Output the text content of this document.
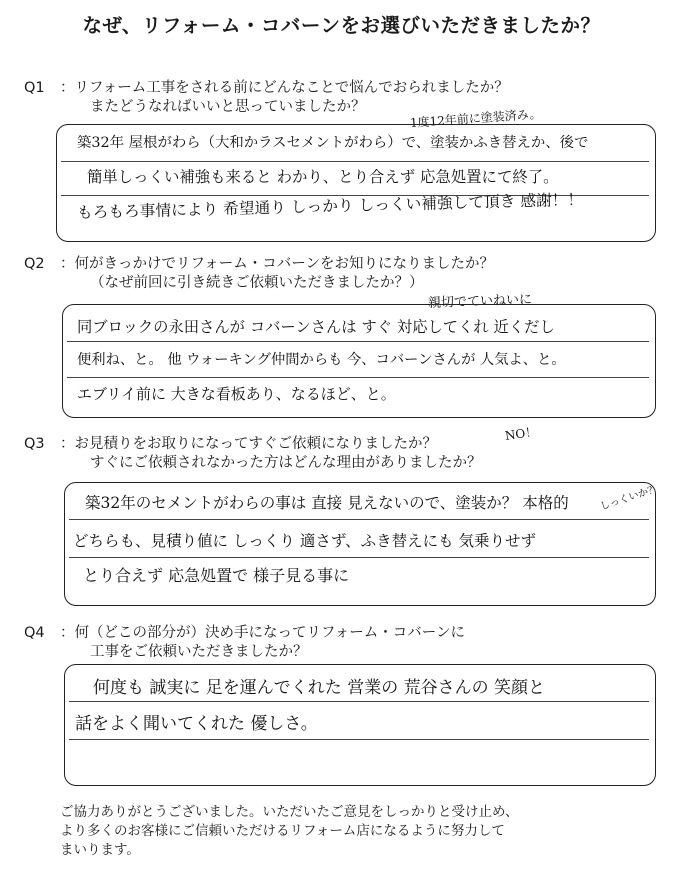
なぜ、リフォーム・コバーンをお選びいただきましたか？
Q1 ：リフォーム工事をされる前にどんなことで悩んでおられましたか？
またどうなればいいと思っていましたか？	1度12年前に塗装済み。
築32年 屋根がわら（大和かラスセメントがわら）で、塗装かふき替えか、後で
簡単しっくい補強も来ると わかり、とり合えず 応急処置にて終了。
もろもろ事情により 希望通り しっかり しっくい補強して頂き 感謝！！
Q2 ：何がきっかけでリフォーム・コバーンをお知りになりましたか？
（なぜ前回に引き続きご依頼いただきましたか？）
親切でていねいに
同ブロックの永田さんが コバーンさんは すぐ 対応してくれ 近くだし
便利ね、と。 他 ウォーキング仲間からも 今、コバーンさんが 人気よ、と。
エブリイ前に 大きな看板あり、なるほど、と。
Q3 ：お見積りをお取りになってすぐご依頼になりましたか？
すぐにご依頼されなかった方はどんな理由がありましたか？
NO！
築32年のセメントがわらの事は 直接 見えないので、塗装か？ 本格的
どちらも、見積り値に しっくり 適さず、ふき替えにも 気乗りせず
とり合えず 応急処置で 様子見る事に
しっくいか？
Q4 ：何（どこの部分が）決め手になってリフォーム・コバーンに
工事をご依頼いただきましたか？
何度も 誠実に 足を運んでくれた 営業の 荒谷さんの 笑顔と
話をよく聞いてくれた 優しさ。
ご協力ありがとうございました。いただいたご意見をしっかりと受け止め、
より多くのお客様にご信頼いただけるリフォーム店になるように努力して
まいります。
